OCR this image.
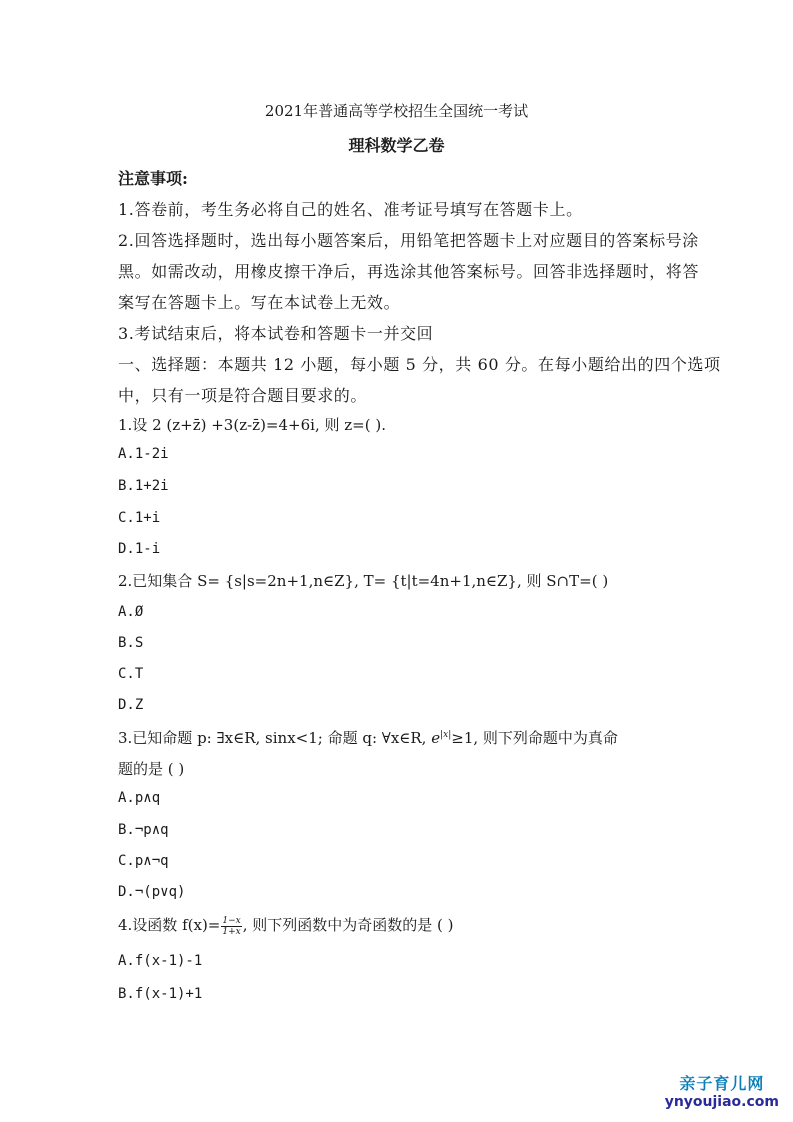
2021年普通高等学校招生全国统一考试
理科数学乙卷
注意事项:
1.答卷前，考生务必将自己的姓名、准考证号填写在答题卡上。
2.回答选择题时，选出每小题答案后，用铅笔把答题卡上对应题目的答案标号涂
黑。如需改动，用橡皮擦干净后，再选涂其他答案标号。回答非选择题时，将答
案写在答题卡上。写在本试卷上无效。
3.考试结束后，将本试卷和答题卡一并交回
一、选择题：本题共 12 小题，每小题 5 分，共 60 分。在每小题给出的四个选项
中，只有一项是符合题目要求的。
1.设 2 (z+z̄) +3(z-z̄)=4+6i, 则 z=( ).
A.1-2i
B.1+2i
C.1+i
D.1-i
2.已知集合 S= {s|s=2n+1,n∈Z}, T= {t|t=4n+1,n∈Z}, 则 S∩T=( )
A.Ø
B.S
C.T
D.Z
3.已知命题 p: ∃x∈R, sinx<1; 命题 q: ∀x∈R, $e^{|x|}\ge 1$, 则下列命题中为真命
题的是 ( )
A.p∧q
B.¬p∧q
C.p∧¬q
D.¬(p∨q)
4.设函数 $f(x)= \frac{1-x}{1+x}$ , 则下列函数中为奇函数的是 ( )
A.f(x-1)-1
B.f(x-1)+1
亲子育儿网
ynyoujiao.com
